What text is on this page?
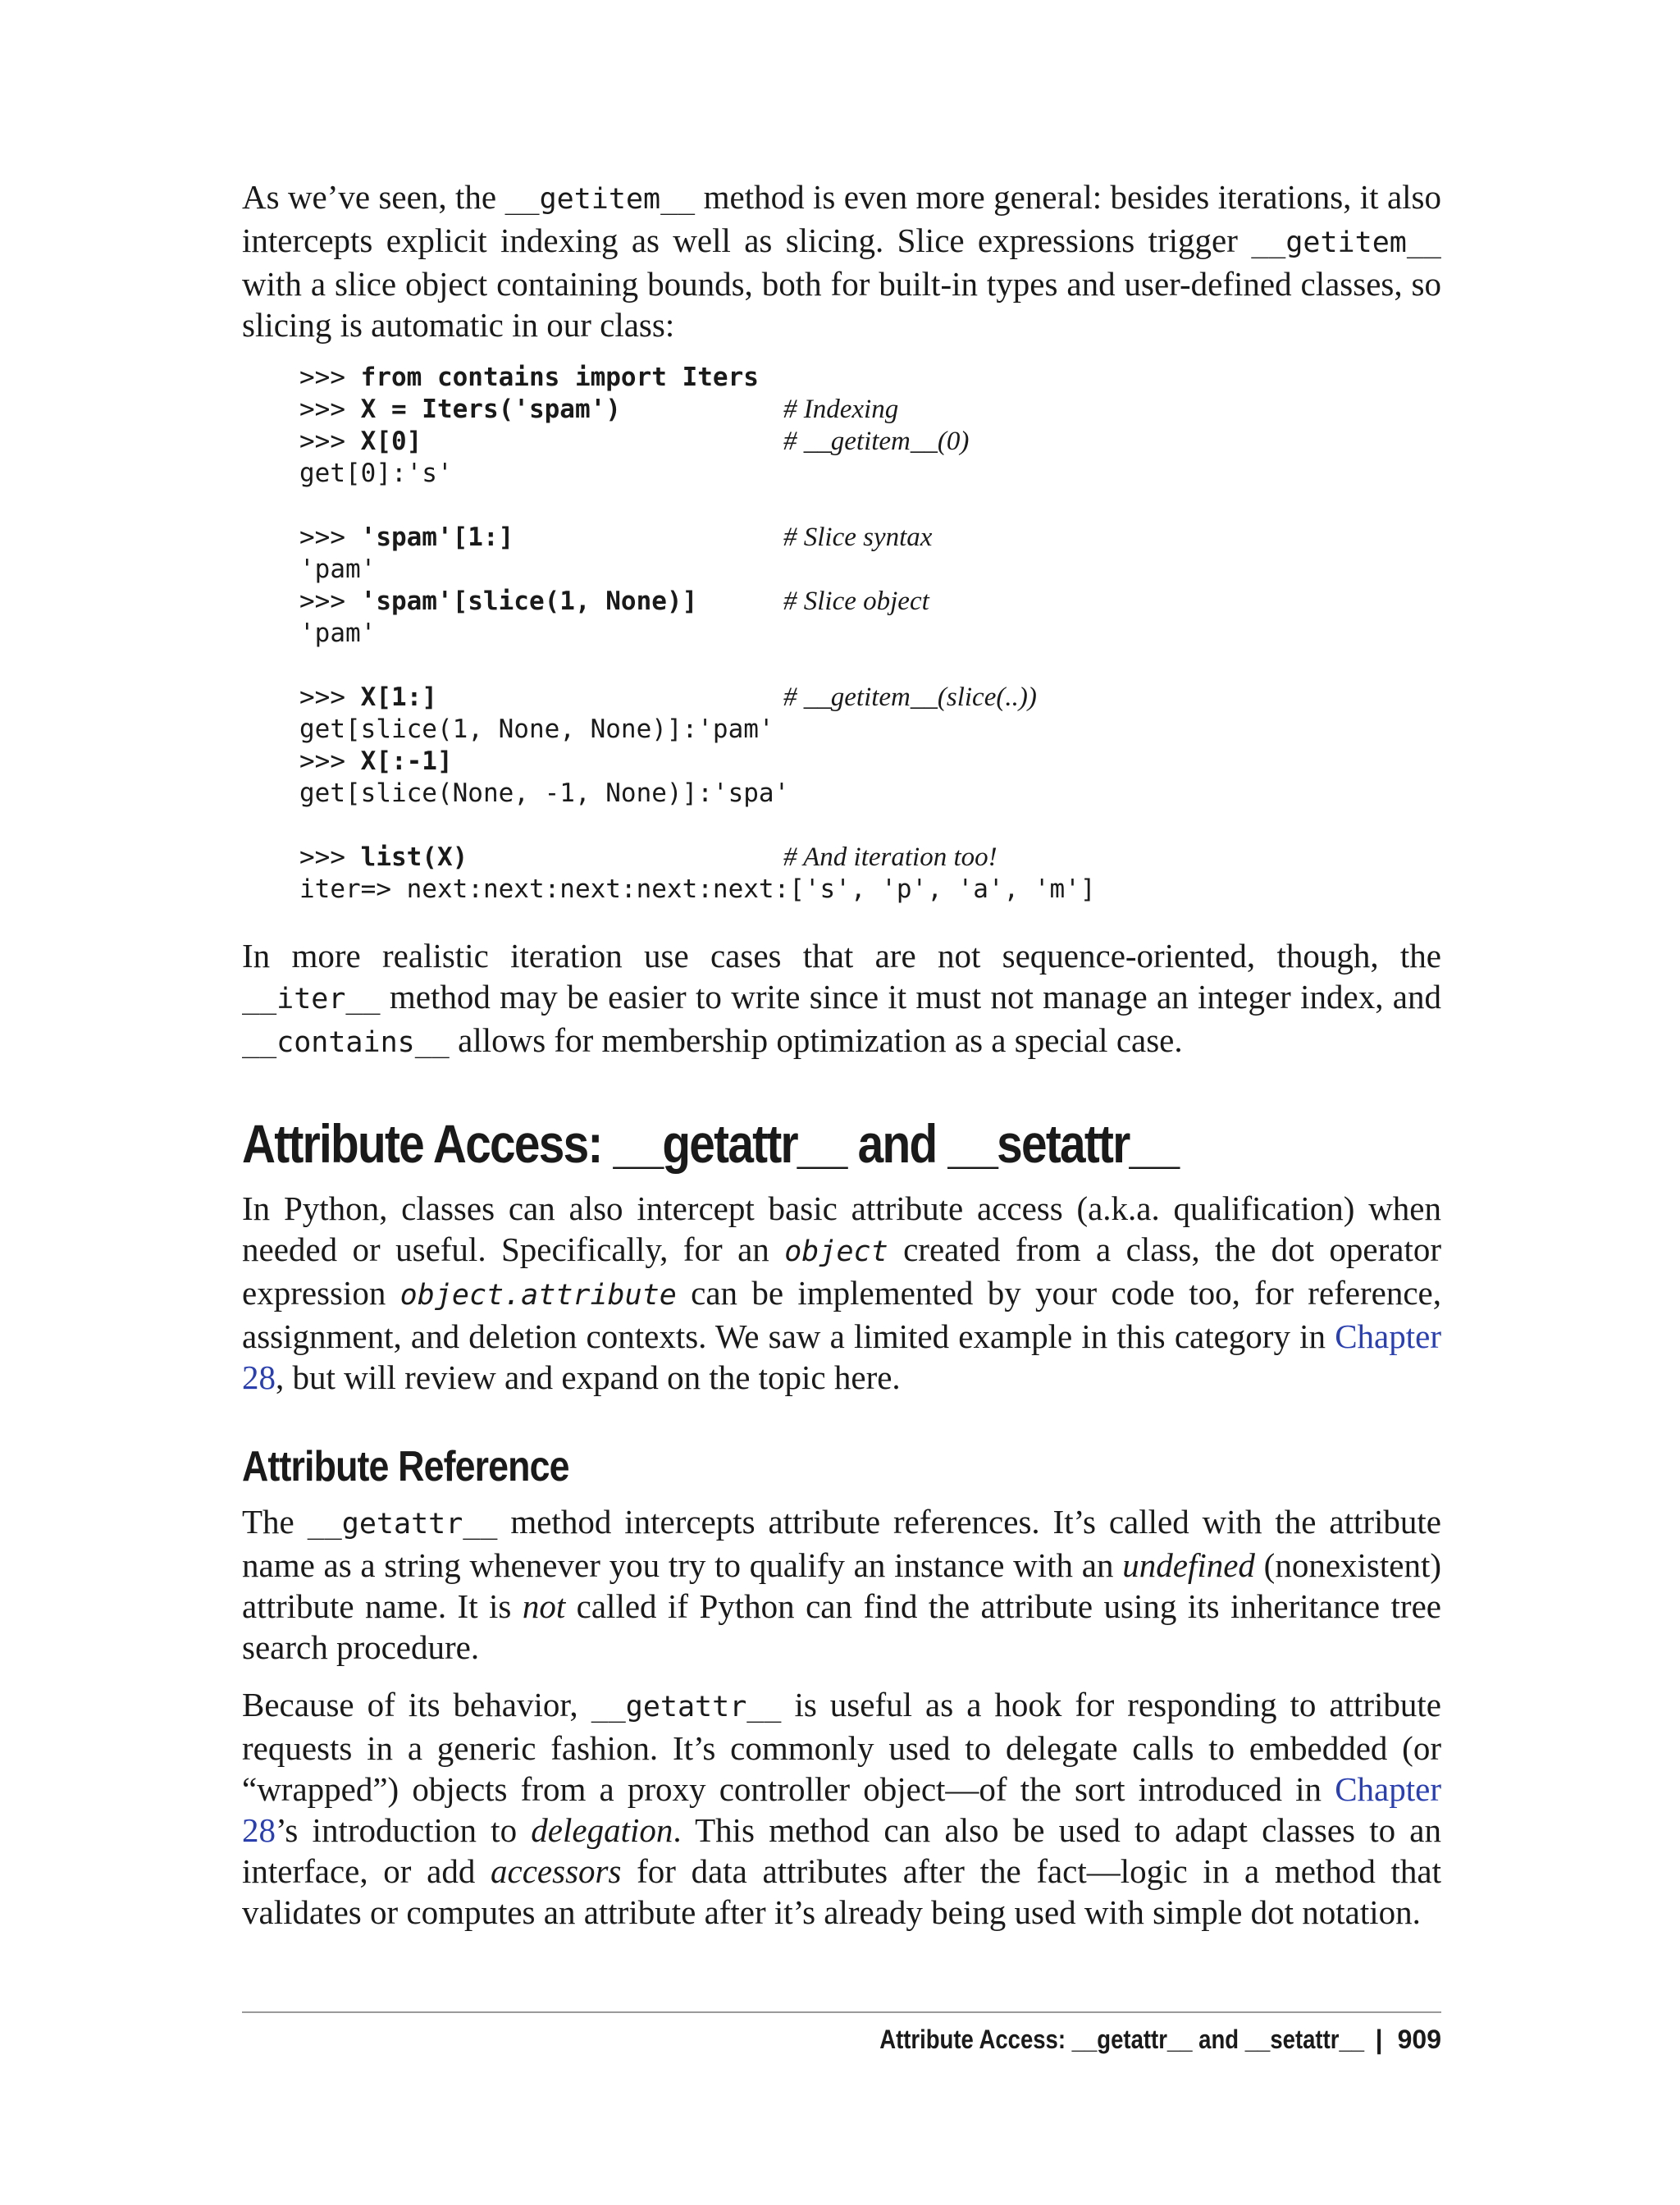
As we’ve seen, the __getitem__ method is even more general: besides iterations, it also intercepts explicit indexing as well as slicing. Slice expressions trigger __getitem__ with a slice object containing bounds, both for built-in types and user-defined classes, so slicing is automatic in our class:

>>> from contains import Iters
>>> X = Iters('spam')	# Indexing
>>> X[0]	# __getitem__(0)
get[0]:'s'
>>> 'spam'[1:]	# Slice syntax
'pam'
>>> 'spam'[slice(1, None)]	# Slice object
'pam'
>>> X[1:]	# __getitem__(slice(..))
get[slice(1, None, None)]:'pam'
>>> X[:-1]
get[slice(None, -1, None)]:'spa'
>>> list(X)	# And iteration too!
iter=> next:next:next:next:next:['s', 'p', 'a', 'm']

In more realistic iteration use cases that are not sequence-oriented, though, the __iter__ method may be easier to write since it must not manage an integer index, and __contains__ allows for membership optimization as a special case.

Attribute Access: __getattr__ and __setattr__

In Python, classes can also intercept basic attribute access (a.k.a. qualification) when needed or useful. Specifically, for an object created from a class, the dot operator expression object.attribute can be implemented by your code too, for reference, assignment, and deletion contexts. We saw a limited example in this category in Chapter 28, but will review and expand on the topic here.

Attribute Reference

The __getattr__ method intercepts attribute references. It’s called with the attribute name as a string whenever you try to qualify an instance with an undefined (nonexistent) attribute name. It is not called if Python can find the attribute using its inheritance tree search procedure.

Because of its behavior, __getattr__ is useful as a hook for responding to attribute requests in a generic fashion. It’s commonly used to delegate calls to embedded (or “wrapped”) objects from a proxy controller object—of the sort introduced in Chapter 28’s introduction to delegation. This method can also be used to adapt classes to an interface, or add accessors for data attributes after the fact—logic in a method that validates or computes an attribute after it’s already being used with simple dot notation.

Attribute Access: __getattr__ and __setattr__ | 909
